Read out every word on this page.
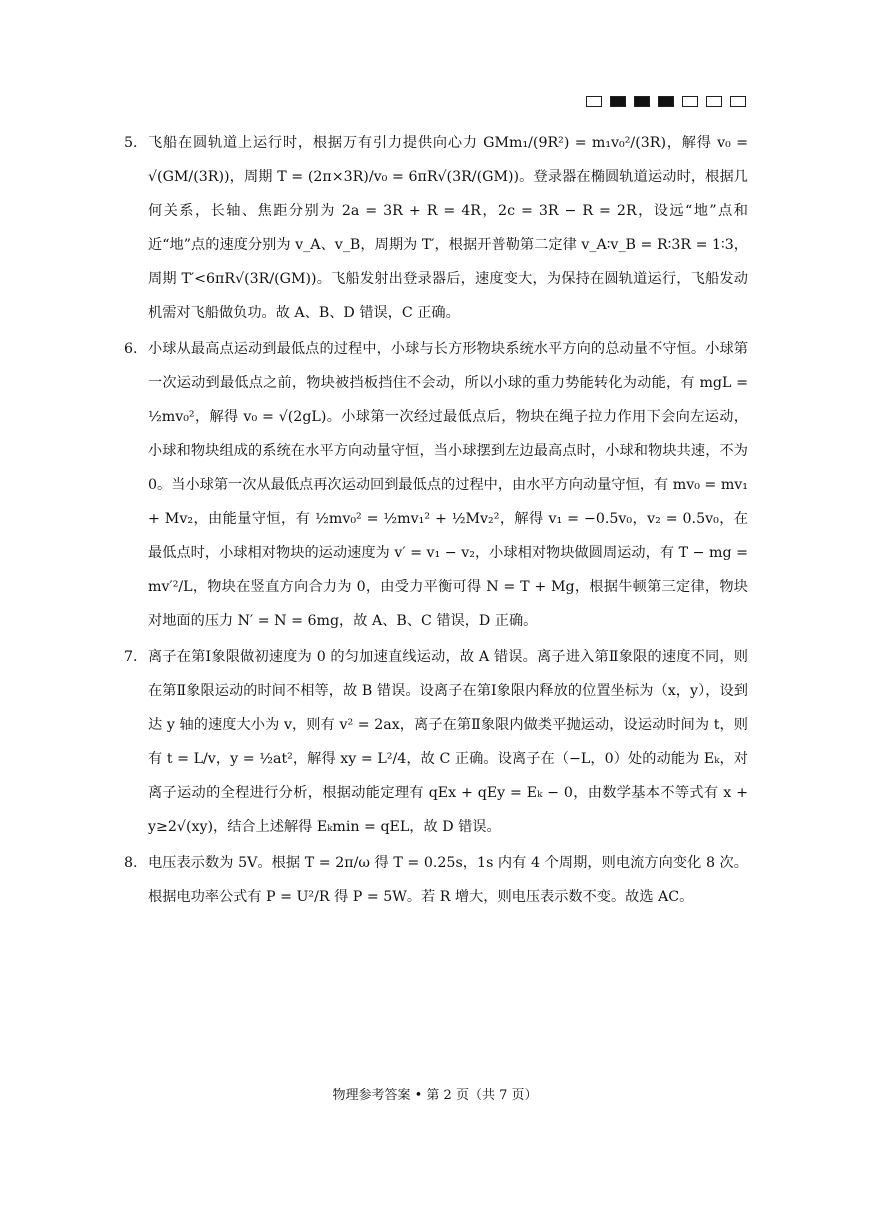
5. 飞船在圆轨道上运行时，根据万有引力提供向心力 GMm₁/(9R²) = m₁v₀²/(3R)，解得 v₀ = √(GM/(3R))，周期 T = (2π×3R)/v₀ = 6πR√(3R/(GM))。登录器在椭圆轨道运动时，根据几何关系，长轴、焦距分别为 2a = 3R + R = 4R，2c = 3R − R = 2R，设远“地”点和近“地”点的速度分别为 v_A、v_B，周期为 T′，根据开普勒第二定律 v_A∶v_B = R∶3R = 1∶3，周期 T′<6πR√(3R/(GM))。飞船发射出登录器后，速度变大，为保持在圆轨道运行，飞船发动机需对飞船做负功。故 A、B、D 错误，C 正确。
6. 小球从最高点运动到最低点的过程中，小球与长方形物块系统水平方向的总动量不守恒。小球第一次运动到最低点之前，物块被挡板挡住不会动，所以小球的重力势能转化为动能，有 mgL = ½mv₀²，解得 v₀ = √(2gL)。小球第一次经过最低点后，物块在绳子拉力作用下会向左运动，小球和物块组成的系统在水平方向动量守恒，当小球摆到左边最高点时，小球和物块共速，不为 0。当小球第一次从最低点再次运动回到最低点的过程中，由水平方向动量守恒，有 mv₀ = mv₁ + Mv₂，由能量守恒，有 ½mv₀² = ½mv₁² + ½Mv₂²，解得 v₁ = −0.5v₀，v₂ = 0.5v₀，在最低点时，小球相对物块的运动速度为 v′ = v₁ − v₂，小球相对物块做圆周运动，有 T − mg = mv′²/L，物块在竖直方向合力为 0，由受力平衡可得 N = T + Mg，根据牛顿第三定律，物块对地面的压力 N′ = N = 6mg，故 A、B、C 错误，D 正确。
7. 离子在第Ⅰ象限做初速度为 0 的匀加速直线运动，故 A 错误。离子进入第Ⅱ象限的速度不同，则在第Ⅱ象限运动的时间不相等，故 B 错误。设离子在第Ⅰ象限内释放的位置坐标为（x，y），设到达 y 轴的速度大小为 v，则有 v² = 2ax，离子在第Ⅱ象限内做类平抛运动，设运动时间为 t，则有 t = L/v，y = ½at²，解得 xy = L²/4，故 C 正确。设离子在（−L，0）处的动能为 Eₖ，对离子运动的全程进行分析，根据动能定理有 qEx + qEy = Eₖ − 0，由数学基本不等式有 x + y≥2√(xy)，结合上述解得 Eₖmin = qEL，故 D 错误。
8. 电压表示数为 5V。根据 T = 2π/ω 得 T = 0.25s，1s 内有 4 个周期，则电流方向变化 8 次。根据电功率公式有 P = U²/R 得 P = 5W。若 R 增大，则电压表示数不变。故选 AC。
物理参考答案 • 第 2 页（共 7 页）
